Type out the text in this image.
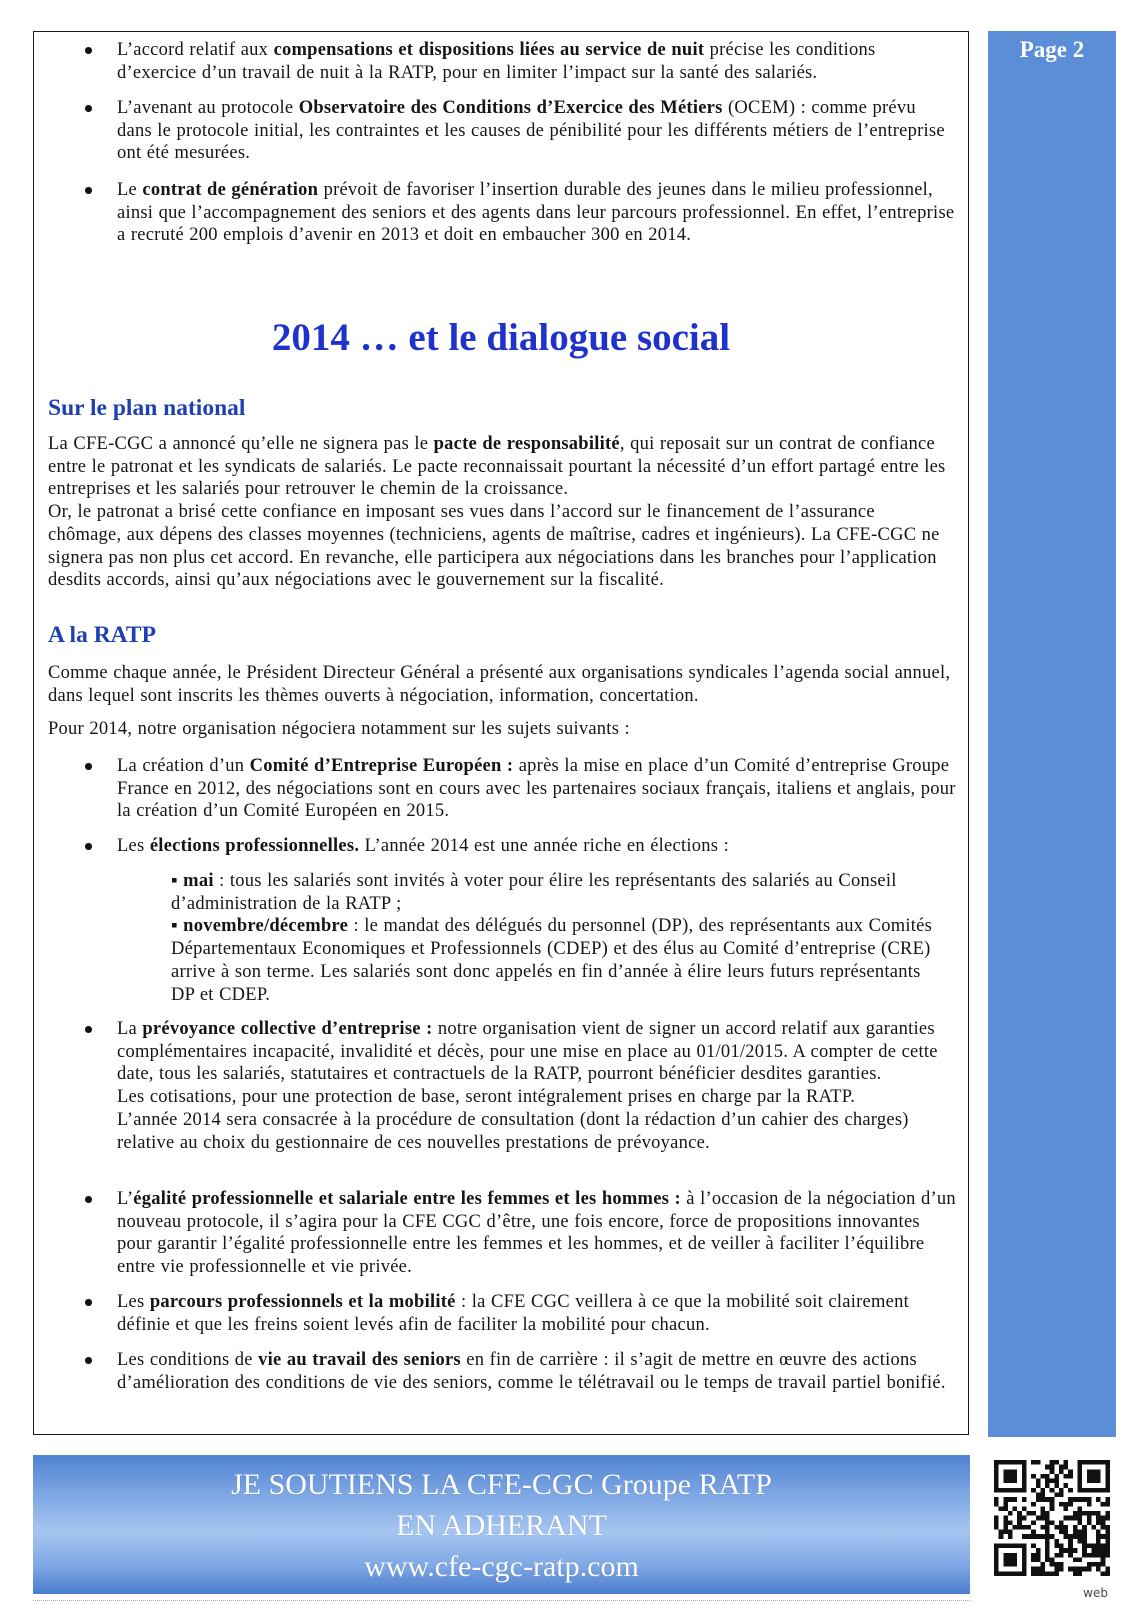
L’accord relatif aux compensations et dispositions liées au service de nuit précise les conditions d’exercice d’un travail de nuit à la RATP, pour en limiter l’impact sur la santé des salariés.
L’avenant au protocole Observatoire des Conditions d’Exercice des Métiers (OCEM) : comme prévu dans le protocole initial, les contraintes et les causes de pénibilité pour les différents métiers de l’entreprise ont été mesurées.
Le contrat de génération prévoit de favoriser l’insertion durable des jeunes dans le milieu professionnel, ainsi que l’accompagnement des seniors et des agents dans leur parcours professionnel. En effet, l’entreprise a recruté 200 emplois d’avenir en 2013 et doit en embaucher 300 en 2014.
2014 … et le dialogue social
Sur le plan national
La CFE-CGC a annoncé qu’elle ne signera pas le pacte de responsabilité, qui reposait sur un contrat de confiance entre le patronat et les syndicats de salariés. Le pacte reconnaissait pourtant la nécessité d’un effort partagé entre les entreprises et les salariés pour retrouver le chemin de la croissance.
Or, le patronat a brisé cette confiance en imposant ses vues dans l’accord sur le financement de l’assurance chômage, aux dépens des classes moyennes (techniciens, agents de maîtrise, cadres et ingénieurs). La CFE-CGC ne signera pas non plus cet accord. En revanche, elle participera aux négociations dans les branches pour l’application desdits accords, ainsi qu’aux négociations avec le gouvernement sur la fiscalité.
A la RATP
Comme chaque année, le Président Directeur Général a présenté aux organisations syndicales l’agenda social annuel, dans lequel sont inscrits les thèmes ouverts à négociation, information, concertation.
Pour 2014, notre organisation négociera notamment sur les sujets suivants :
La création d’un Comité d’Entreprise Européen : après la mise en place d’un Comité d’entreprise Groupe France en 2012, des négociations sont en cours avec les partenaires sociaux français, italiens et anglais, pour la création d’un Comité Européen en 2015.
Les élections professionnelles. L’année 2014 est une année riche en élections :
▪ mai : tous les salariés sont invités à voter pour élire les représentants des salariés au Conseil d’administration de la RATP ;
▪ novembre/décembre : le mandat des délégués du personnel (DP), des représentants aux Comités Départementaux Economiques et Professionnels (CDEP) et des élus au Comité d’entreprise (CRE) arrive à son terme. Les salariés sont donc appelés en fin d’année à élire leurs futurs représentants DP et CDEP.
La prévoyance collective d’entreprise : notre organisation vient de signer un accord relatif aux garanties complémentaires incapacité, invalidité et décès, pour une mise en place au 01/01/2015. A compter de cette date, tous les salariés, statutaires et contractuels de la RATP, pourront bénéficier desdites garanties.
Les cotisations, pour une protection de base, seront intégralement prises en charge par la RATP.
L’année 2014 sera consacrée à la procédure de consultation (dont la rédaction d’un cahier des charges) relative au choix du gestionnaire de ces nouvelles prestations de prévoyance.
L’égalité professionnelle et salariale entre les femmes et les hommes : à l’occasion de la négociation d’un nouveau protocole, il s’agira pour la CFE CGC d’être, une fois encore, force de propositions innovantes pour garantir l’égalité professionnelle entre les femmes et les hommes, et de veiller à faciliter l’équilibre entre vie professionnelle et vie privée.
Les parcours professionnels et la mobilité : la CFE CGC veillera à ce que la mobilité soit clairement définie et que les freins soient levés afin de faciliter la mobilité pour chacun.
Les conditions de vie au travail des seniors en fin de carrière : il s’agit de mettre en œuvre des actions d’amélioration des conditions de vie des seniors, comme le télétravail ou le temps de travail partiel bonifié.
Page 2
JE SOUTIENS LA CFE-CGC Groupe RATP
EN ADHERANT
www.cfe-cgc-ratp.com
web
